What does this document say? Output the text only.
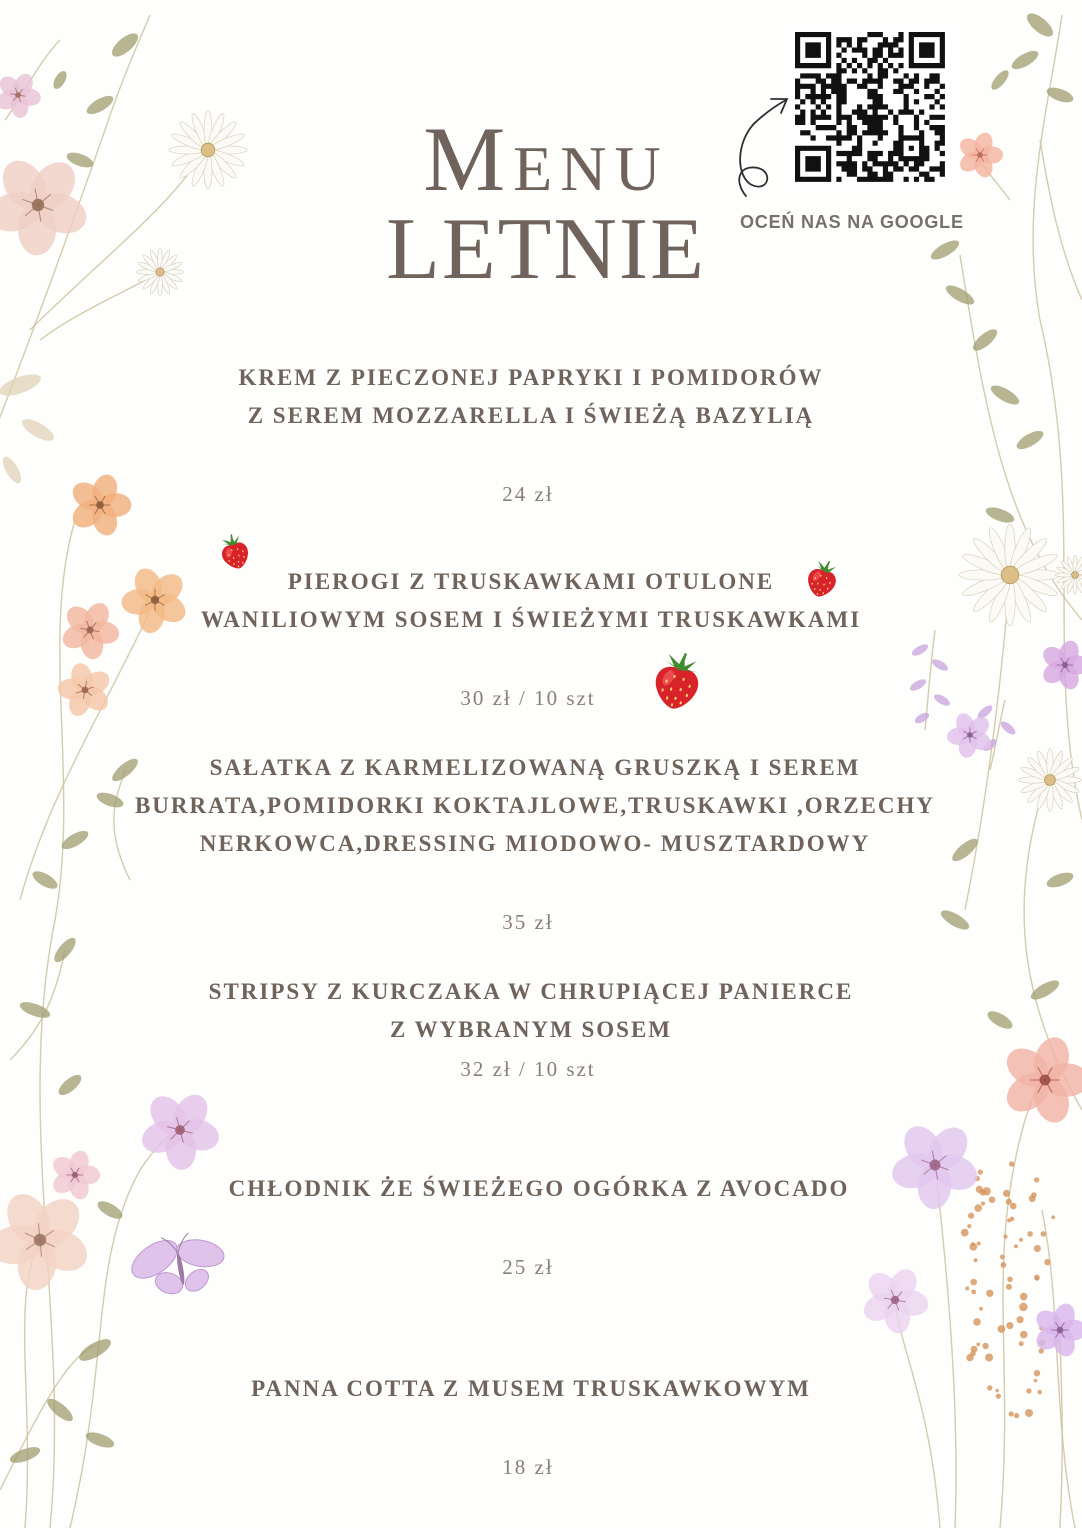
Menu
LETNIE	OCEŃ NAS NA GOOGLE
KREM Z PIECZONEJ PAPRYKI I POMIDORÓW
Z SEREM MOZZARELLA I ŚWIEŻĄ BAZYLIĄ
24 zł
PIEROGI Z TRUSKAWKAMI OTULONE
WANILIOWYM SOSEM I ŚWIEŻYMI TRUSKAWKAMI
30 zł / 10 szt
SAŁATKA Z KARMELIZOWANĄ GRUSZKĄ I SEREM
BURRATA,POMIDORKI KOKTAJLOWE,TRUSKAWKI ,ORZECHY
NERKOWCA,DRESSING MIODOWO- MUSZTARDOWY
35 zł
STRIPSY Z KURCZAKA W CHRUPIĄCEJ PANIERCE
Z WYBRANYM SOSEM
32 zł / 10 szt
CHŁODNIK ŻE ŚWIEŻEGO OGÓRKA Z AVOCADO
25 zł
PANNA COTTA Z MUSEM TRUSKAWKOWYM
18 zł
